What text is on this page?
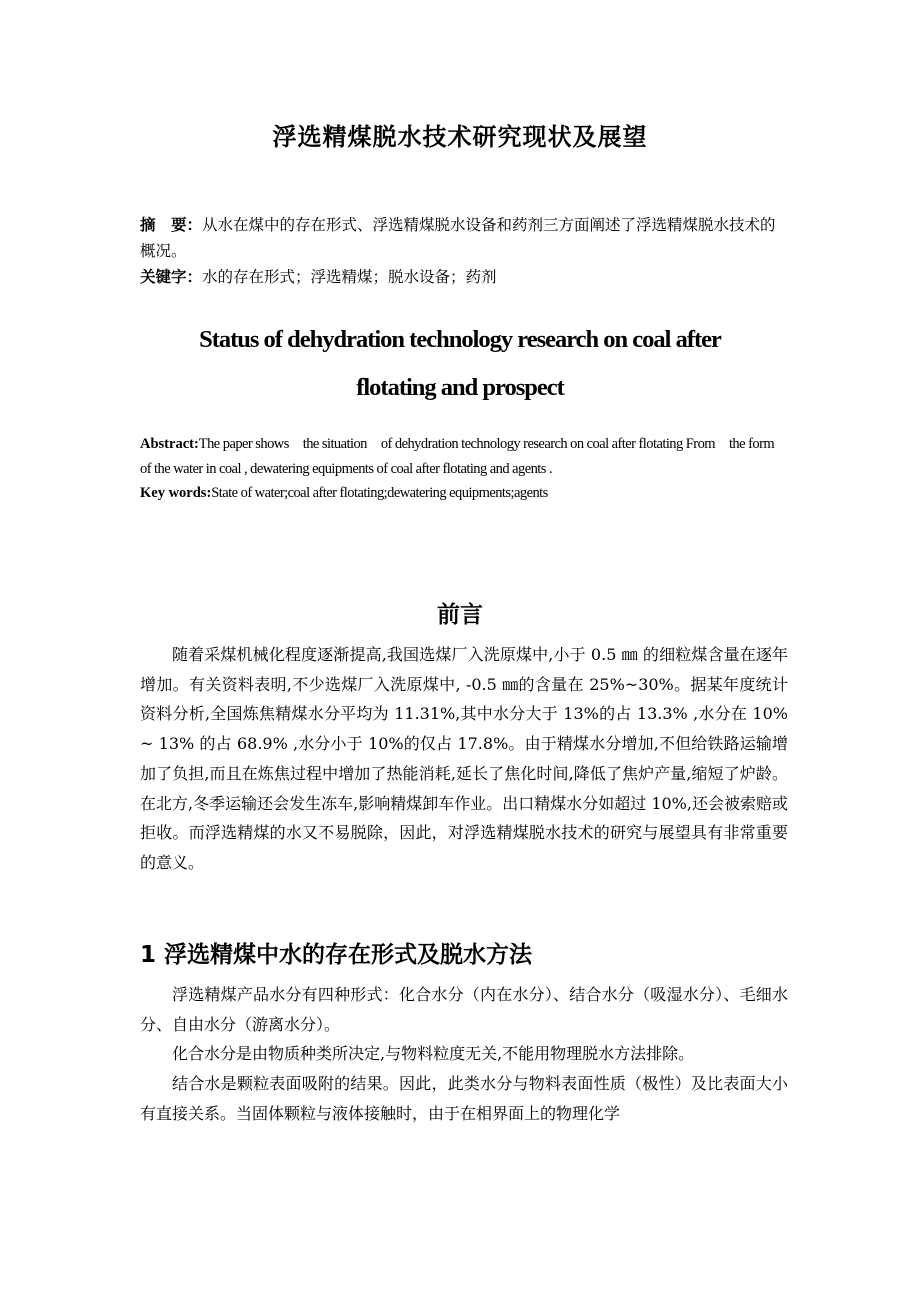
浮选精煤脱水技术研究现状及展望
摘　要：从水在煤中的存在形式、浮选精煤脱水设备和药剂三方面阐述了浮选精煤脱水技术的概况。
关键字：水的存在形式；浮选精煤；脱水设备；药剂
Status of dehydration technology research on coal after
flotating and prospect
Abstract:The paper shows　the situation　of dehydration technology research on coal after flotating From　the form of the water in coal , dewatering equipments of coal after flotating and agents .
Key words:State of water;coal after flotating;dewatering equipments;agents
前言

随着采煤机械化程度逐渐提高,我国选煤厂入洗原煤中,小于 0.5 ㎜ 的细粒煤含量在逐年增加。有关资料表明,不少选煤厂入洗原煤中, -0.5 ㎜的含量在 25%~30%。据某年度统计资料分析,全国炼焦精煤水分平均为 11.31%,其中水分大于 13%的占 13.3% ,水分在 10% ~ 13% 的占 68.9% ,水分小于 10%的仅占 17.8%。由于精煤水分增加,不但给铁路运输增加了负担,而且在炼焦过程中增加了热能消耗,延长了焦化时间,降低了焦炉产量,缩短了炉龄。在北方,冬季运输还会发生冻车,影响精煤卸车作业。出口精煤水分如超过 10%,还会被索赔或拒收。而浮选精煤的水又不易脱除，因此，对浮选精煤脱水技术的研究与展望具有非常重要的意义。

1 浮选精煤中水的存在形式及脱水方法

浮选精煤产品水分有四种形式：化合水分（内在水分）、结合水分（吸湿水分）、毛细水分、自由水分（游离水分）。

化合水分是由物质种类所决定,与物料粒度无关,不能用物理脱水方法排除。

结合水是颗粒表面吸附的结果。因此，此类水分与物料表面性质（极性）及比表面大小有直接关系。当固体颗粒与液体接触时，由于在相界面上的物理化学
